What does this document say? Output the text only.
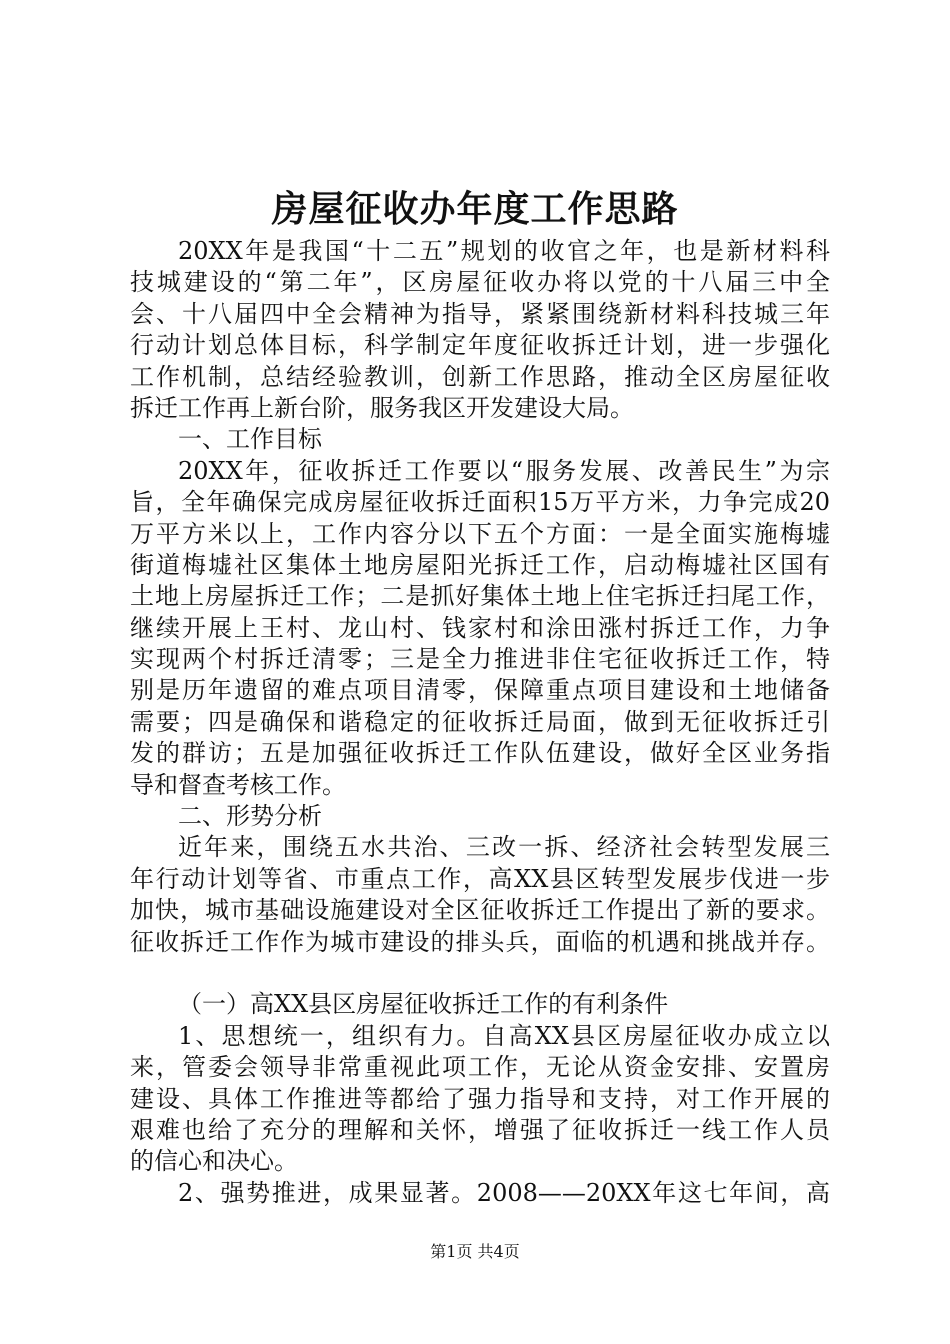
房屋征收办年度工作思路
20XX年是我国“十二五”规划的收官之年，也是新材料科
技城建设的“第二年”，区房屋征收办将以党的十八届三中全
会、十八届四中全会精神为指导，紧紧围绕新材料科技城三年
行动计划总体目标，科学制定年度征收拆迁计划，进一步强化
工作机制，总结经验教训，创新工作思路，推动全区房屋征收
拆迁工作再上新台阶，服务我区开发建设大局。
一、工作目标
20XX年，征收拆迁工作要以“服务发展、改善民生”为宗
旨，全年确保完成房屋征收拆迁面积15万平方米，力争完成20
万平方米以上，工作内容分以下五个方面：一是全面实施梅墟
街道梅墟社区集体土地房屋阳光拆迁工作，启动梅墟社区国有
土地上房屋拆迁工作；二是抓好集体土地上住宅拆迁扫尾工作，
继续开展上王村、龙山村、钱家村和涂田涨村拆迁工作，力争
实现两个村拆迁清零；三是全力推进非住宅征收拆迁工作，特
别是历年遗留的难点项目清零，保障重点项目建设和土地储备
需要；四是确保和谐稳定的征收拆迁局面，做到无征收拆迁引
发的群访；五是加强征收拆迁工作队伍建设，做好全区业务指
导和督查考核工作。
二、形势分析
近年来，围绕五水共治、三改一拆、经济社会转型发展三
年行动计划等省、市重点工作，高XX县区转型发展步伐进一步
加快，城市基础设施建设对全区征收拆迁工作提出了新的要求。
征收拆迁工作作为城市建设的排头兵，面临的机遇和挑战并存。
（一）高XX县区房屋征收拆迁工作的有利条件
1、思想统一，组织有力。自高XX县区房屋征收办成立以
来，管委会领导非常重视此项工作，无论从资金安排、安置房
建设、具体工作推进等都给了强力指导和支持，对工作开展的
艰难也给了充分的理解和关怀，增强了征收拆迁一线工作人员
的信心和决心。
2、强势推进，成果显著。2008——20XX年这七年间，高
第1页 共4页
